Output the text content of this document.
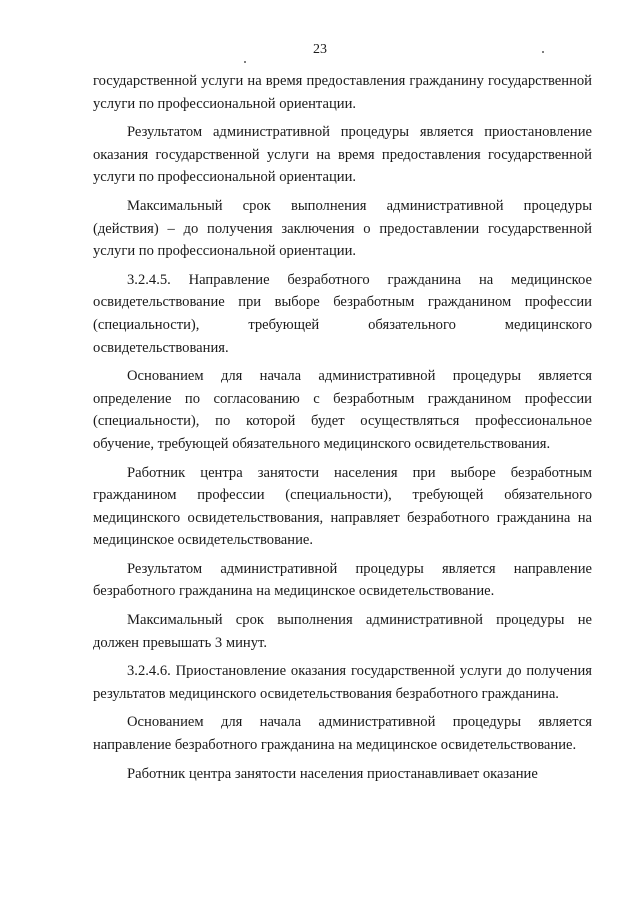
23

государственной услуги на время предоставления гражданину государственной услуги по профессиональной ориентации.

Результатом административной процедуры является приостановление оказания государственной услуги на время предоставления государственной услуги по профессиональной ориентации.

Максимальный срок выполнения административной процедуры (действия) – до получения заключения о предоставлении государственной услуги по профессиональной ориентации.

3.2.4.5. Направление безработного гражданина на медицинское освидетельствование при выборе безработным гражданином профессии (специальности), требующей обязательного медицинского освидетельствования.

Основанием для начала административной процедуры является определение по согласованию с безработным гражданином профессии (специальности), по которой будет осуществляться профессиональное обучение, требующей обязательного медицинского освидетельствования.

Работник центра занятости населения при выборе безработным гражданином профессии (специальности), требующей обязательного медицинского освидетельствования, направляет безработного гражданина на медицинское освидетельствование.

Результатом административной процедуры является направление безработного гражданина на медицинское освидетельствование.

Максимальный срок выполнения административной процедуры не должен превышать 3 минут.

3.2.4.6. Приостановление оказания государственной услуги до получения результатов медицинского освидетельствования безработного гражданина.

Основанием для начала административной процедуры является направление безработного гражданина на медицинское освидетельствование.

Работник центра занятости населения приостанавливает оказание
